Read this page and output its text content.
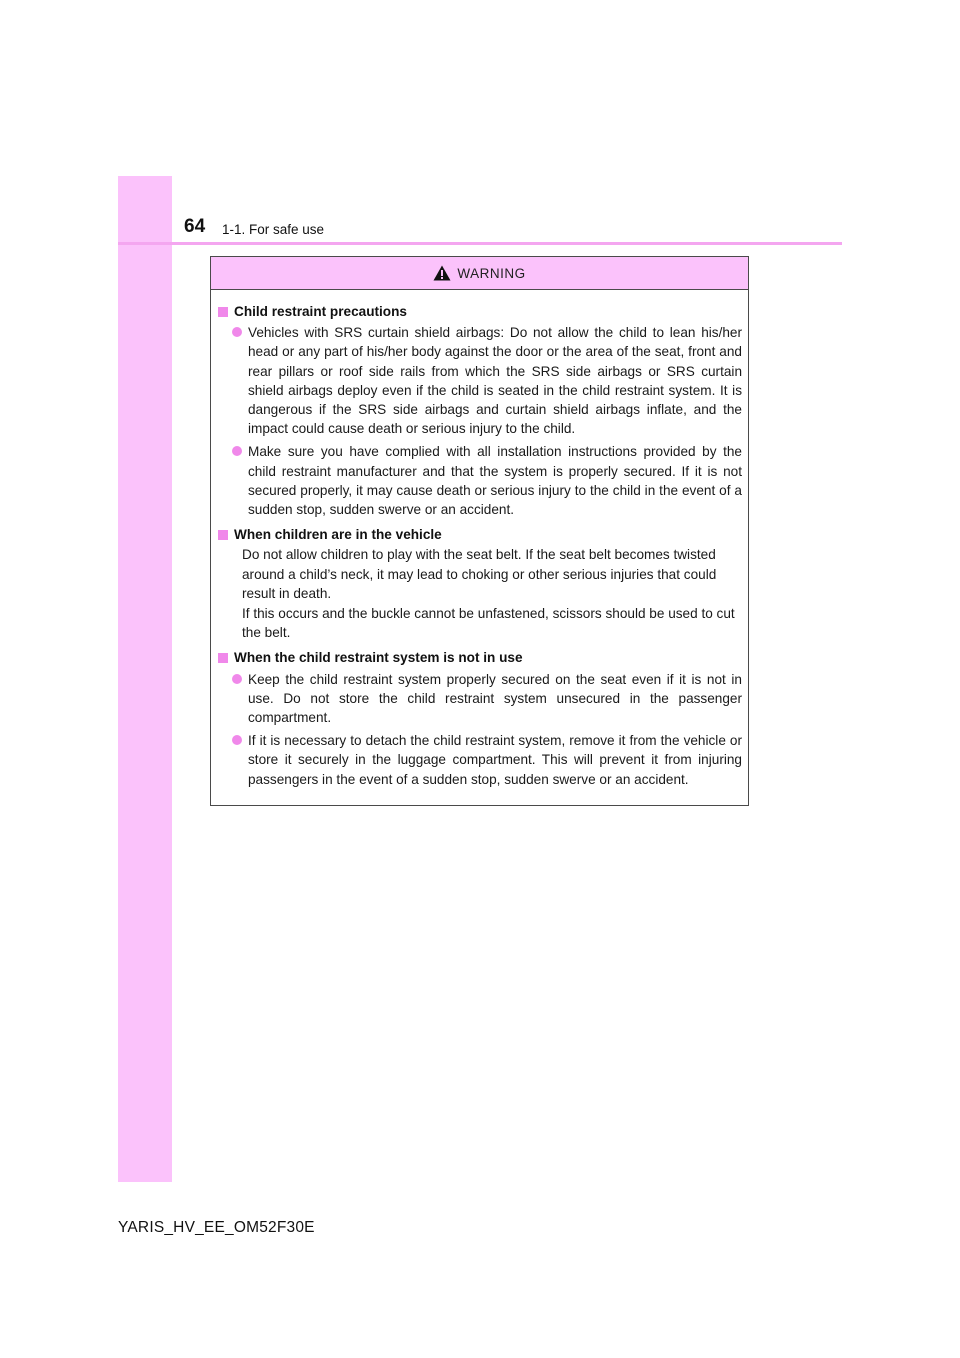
64 1-1. For safe use
WARNING
Child restraint precautions
Vehicles with SRS curtain shield airbags: Do not allow the child to lean his/her head or any part of his/her body against the door or the area of the seat, front and rear pillars or roof side rails from which the SRS side airbags or SRS curtain shield airbags deploy even if the child is seated in the child restraint system. It is dangerous if the SRS side airbags and curtain shield airbags inflate, and the impact could cause death or serious injury to the child.
Make sure you have complied with all installation instructions provided by the child restraint manufacturer and that the system is properly secured. If it is not secured properly, it may cause death or serious injury to the child in the event of a sudden stop, sudden swerve or an accident.
When children are in the vehicle
Do not allow children to play with the seat belt. If the seat belt becomes twisted around a child’s neck, it may lead to choking or other serious injuries that could result in death.
If this occurs and the buckle cannot be unfastened, scissors should be used to cut the belt.
When the child restraint system is not in use
Keep the child restraint system properly secured on the seat even if it is not in use. Do not store the child restraint system unsecured in the passenger compartment.
If it is necessary to detach the child restraint system, remove it from the vehicle or store it securely in the luggage compartment. This will prevent it from injuring passengers in the event of a sudden stop, sudden swerve or an accident.
YARIS_HV_EE_OM52F30E
